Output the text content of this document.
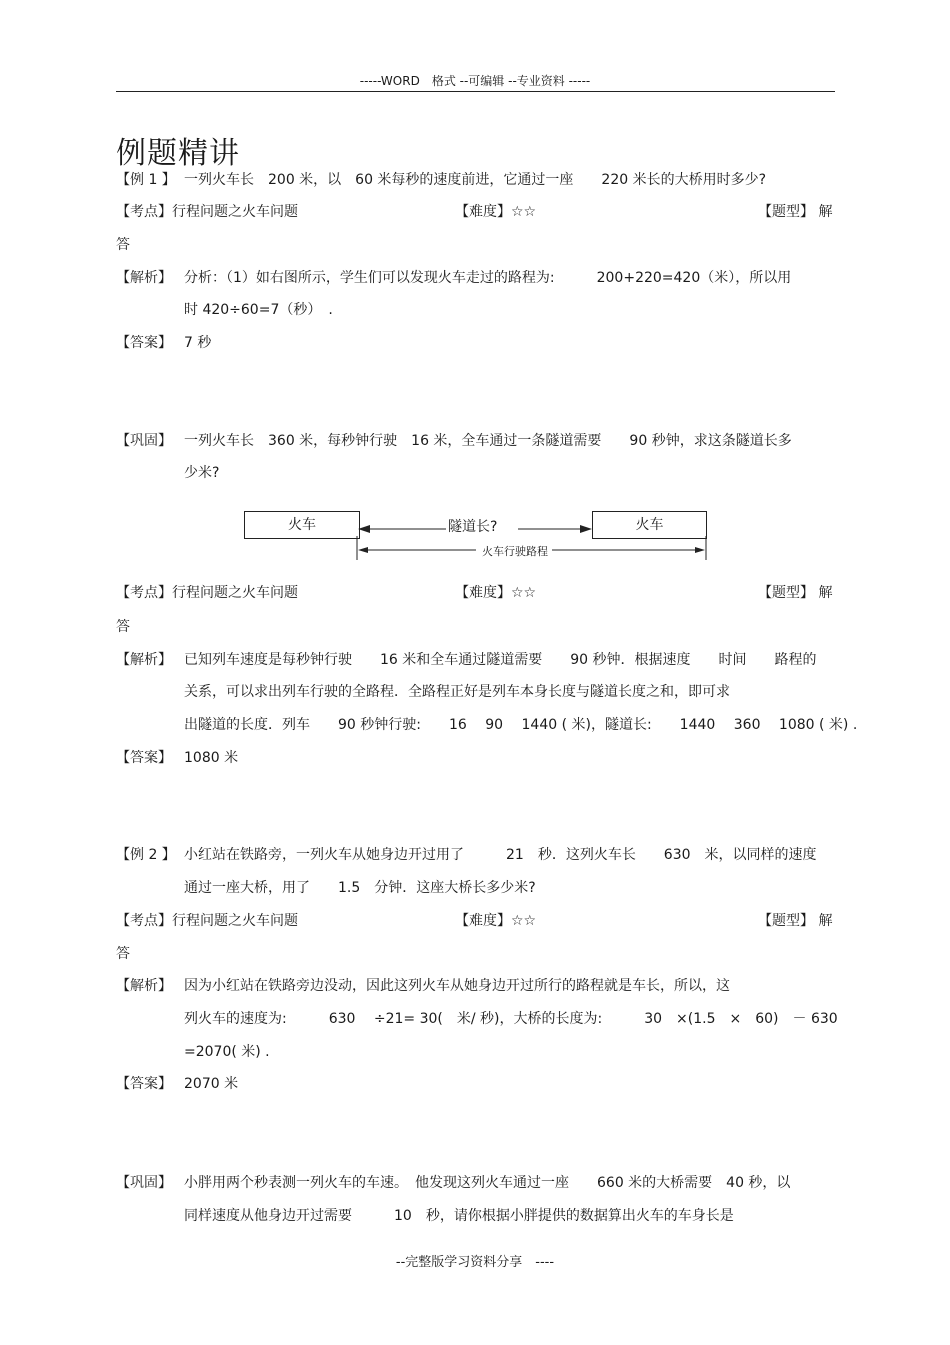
-----WORD　格式 --可编辑 --专业资料 -----
例题精讲
【例 1 】 一列火车长　200 米，以　60 米每秒的速度前进，它通过一座　　220 米长的大桥用时多少?
【考点】行程问题之火车问题	【难度】☆☆	【题型】 解
答
【解析】 分析：（1）如右图所示，学生们可以发现火车走过的路程为:　　　200+220=420（米），所以用
时 420÷60=7（秒）　.
【答案】 7 秒
【巩固】 一列火车长　360 米，每秒钟行驶　16 米，全车通过一条隧道需要　　90 秒钟，求这条隧道长多
少米?
火车	火车
隧道长?
火车行驶路程
【考点】行程问题之火车问题	【难度】☆☆	【题型】 解
答
【解析】 已知列车速度是每秒钟行驶　　16 米和全车通过隧道需要　　90 秒钟．根据速度　　时间　　路程的
关系，可以求出列车行驶的全路程．全路程正好是列车本身长度与隧道长度之和，即可求
出隧道的长度．列车　　90 秒钟行驶:　　16　 90　 1440 ( 米)，隧道长:　　1440　 360　 1080 ( 米) .
【答案】 1080 米
【例 2 】 小红站在铁路旁，一列火车从她身边开过用了　　　21　秒．这列火车长　　630　米，以同样的速度
通过一座大桥，用了　　1.5　分钟．这座大桥长多少米?
【考点】行程问题之火车问题	【难度】☆☆	【题型】 解
答
【解析】 因为小红站在铁路旁边没动，因此这列火车从她身边开过所行的路程就是车长，所以，这
列火车的速度为:　　　630　 ÷21= 30(　米/ 秒)，大桥的长度为:　　　30　×(1.5　×　60)　－ 630
=2070( 米) .
【答案】 2070 米
【巩固】 小胖用两个秒表测一列火车的车速。　他发现这列火车通过一座　　660 米的大桥需要　40 秒，以
同样速度从他身边开过需要　　　10　秒，请你根据小胖提供的数据算出火车的车身长是
--完整版学习资料分享　----
